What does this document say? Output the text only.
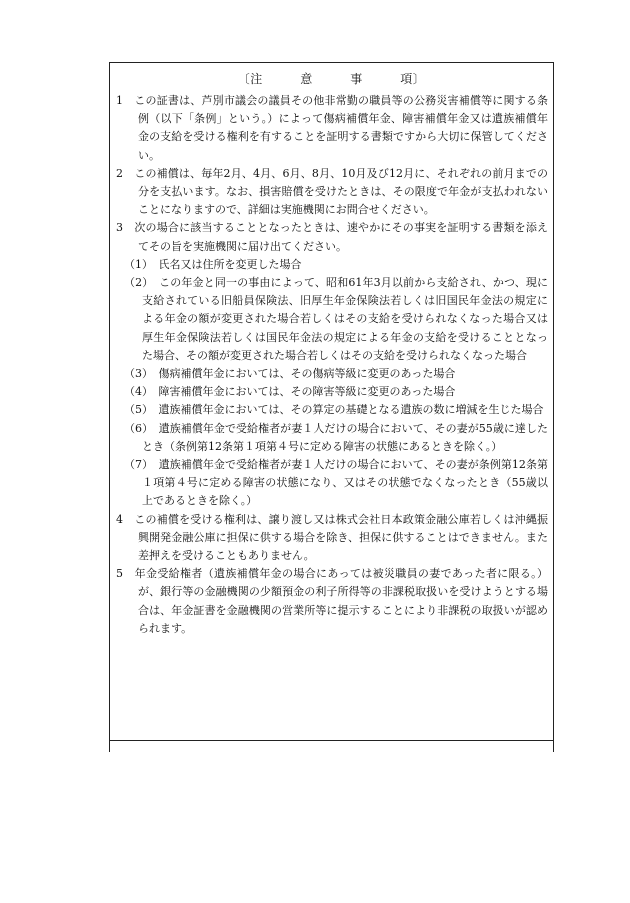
〔注　　　意　　　事　　　項〕

1　 この証書は、芦別市議会の議員その他非常勤の職員等の公務災害補償等に関する条例（以下「条例」という。）によって傷病補償年金、障害補償年金又は遺族補償年金の支給を受ける権利を有することを証明する書類ですから大切に保管してください。

2　 この補償は、毎年2月、4月、6月、8月、10月及び12月に、それぞれの前月までの分を支払います。なお、損害賠償を受けたときは、その限度で年金が支払われないことになりますので、詳細は実施機関にお問合せください。

3　 次の場合に該当することとなったときは、速やかにその事実を証明する書類を添えてその旨を実施機関に届け出てください。

（1）　 氏名又は住所を変更した場合

（2）　 この年金と同一の事由によって、昭和61年3月以前から支給され、かつ、現に支給されている旧船員保険法、旧厚生年金保険法若しくは旧国民年金法の規定による年金の額が変更された場合若しくはその支給を受けられなくなった場合又は厚生年金保険法若しくは国民年金法の規定による年金の支給を受けることとなった場合、その額が変更された場合若しくはその支給を受けられなくなった場合

（3）　 傷病補償年金においては、その傷病等級に変更のあった場合

（4）　 障害補償年金においては、その障害等級に変更のあった場合

（5）　 遺族補償年金においては、その算定の基礎となる遺族の数に増減を生じた場合

（6）　 遺族補償年金で受給権者が妻１人だけの場合において、その妻が55歳に達したとき（条例第12条第１項第４号に定める障害の状態にあるときを除く。）

（7）　 遺族補償年金で受給権者が妻１人だけの場合において、その妻が条例第12条第１項第４号に定める障害の状態になり、又はその状態でなくなったとき（55歳以上であるときを除く。）

4　 この補償を受ける権利は、譲り渡し又は株式会社日本政策金融公庫若しくは沖縄振興開発金融公庫に担保に供する場合を除き、担保に供することはできません。また差押えを受けることもありません。

5　 年金受給権者（遺族補償年金の場合にあっては被災職員の妻であった者に限る。）が、銀行等の金融機関の少額預金の利子所得等の非課税取扱いを受けようとする場合は、年金証書を金融機関の営業所等に提示することにより非課税の取扱いが認められます。
